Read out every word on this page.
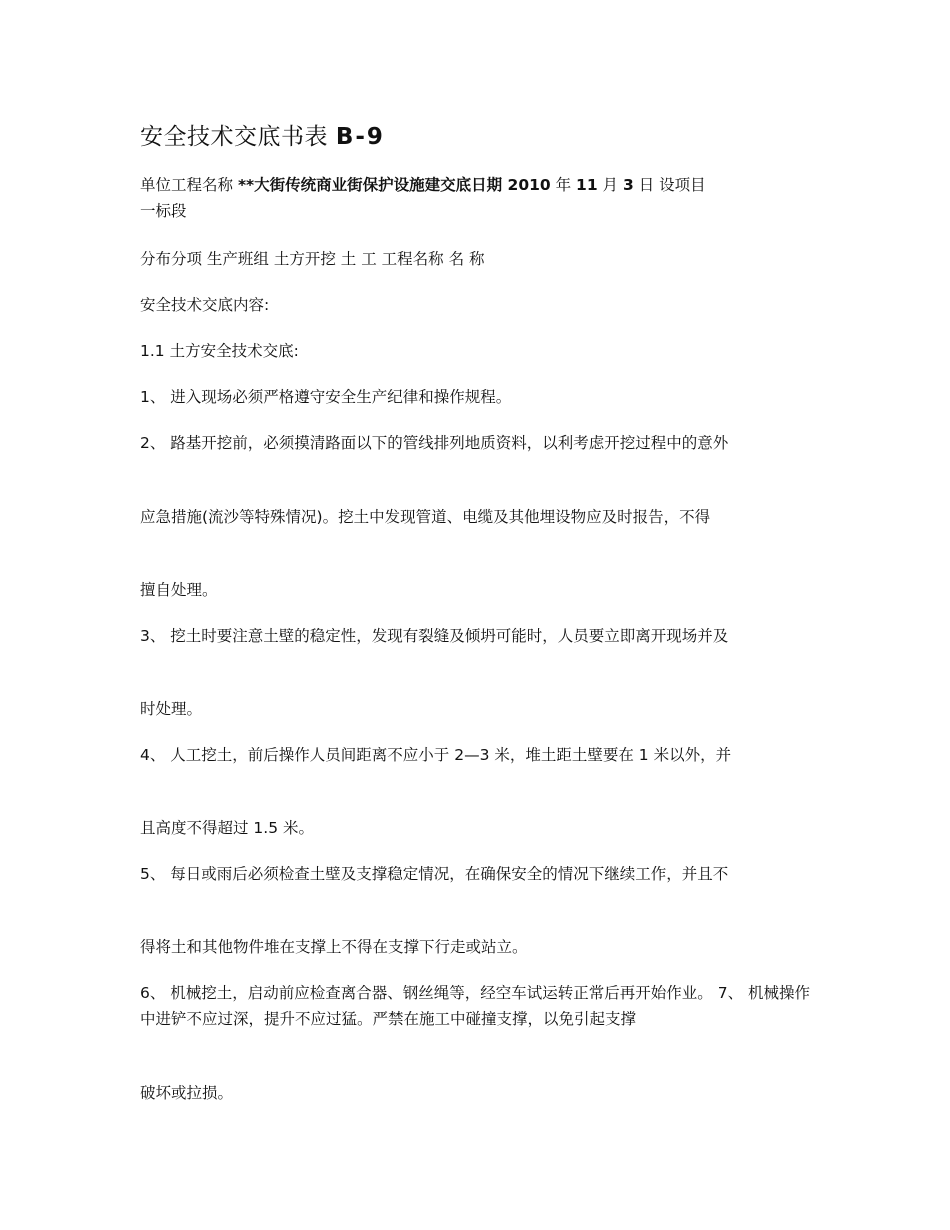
安全技术交底书表 B-9

单位工程名称 **大街传统商业街保护设施建交底日期 2010 年 11 月 3 日 设项目
一标段

分布分项 生产班组 土方开挖 土 工 工程名称 名 称

安全技术交底内容:

1.1 土方安全技术交底:

1、 进入现场必须严格遵守安全生产纪律和操作规程。

2、 路基开挖前，必须摸清路面以下的管线排列地质资料，以利考虑开挖过程中的意外

应急措施(流沙等特殊情况)。挖土中发现管道、电缆及其他埋设物应及时报告，不得

擅自处理。

3、 挖土时要注意土壁的稳定性，发现有裂缝及倾坍可能时，人员要立即离开现场并及

时处理。

4、 人工挖土，前后操作人员间距离不应小于 2—3 米，堆土距土壁要在 1 米以外，并

且高度不得超过 1.5 米。

5、 每日或雨后必须检查土壁及支撑稳定情况，在确保安全的情况下继续工作，并且不

得将土和其他物件堆在支撑上不得在支撑下行走或站立。

6、 机械挖土，启动前应检查离合器、钢丝绳等，经空车试运转正常后再开始作业。 7、 机械操作中进铲不应过深，提升不应过猛。严禁在施工中碰撞支撑，以免引起支撑

破坏或拉损。
